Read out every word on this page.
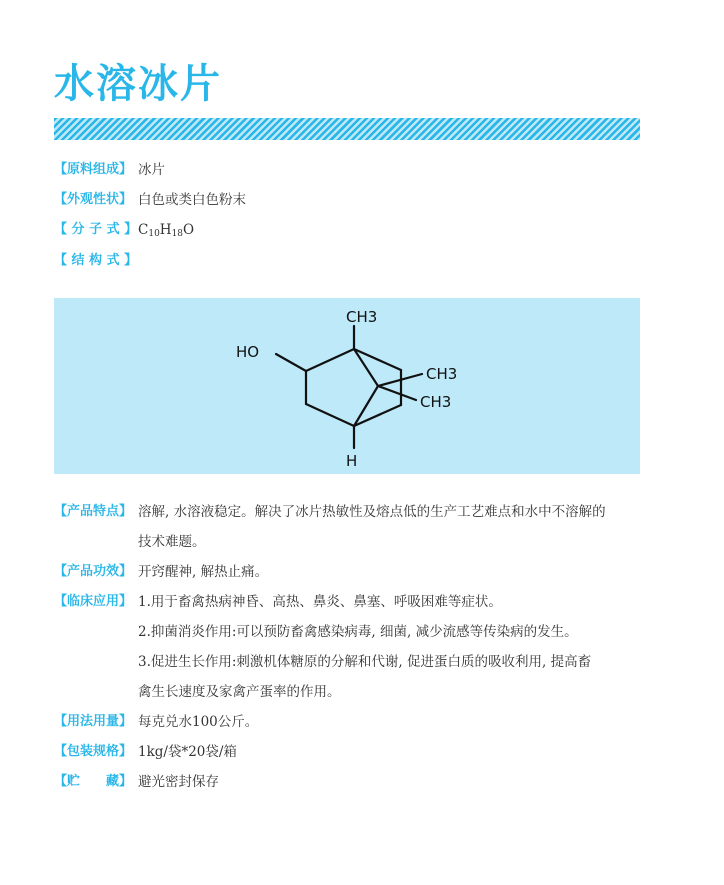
水溶冰片
【原料组成】 冰片
【外观性状】 白色或类白色粉末
【 分 子 式 】 $C_{10}H_{18}O$
【 结 构 式 】
CH3
HO
CH3
CH3
H
【产品特点】 溶解, 水溶液稳定。解决了冰片热敏性及熔点低的生产工艺难点和水中不溶解的
技术难题。
【产品功效】 开窍醒神, 解热止痛。
【临床应用】 1.用于畜禽热病神昏、高热、鼻炎、鼻塞、呼吸困难等症状。
2.抑菌消炎作用:可以预防畜禽感染病毒, 细菌, 减少流感等传染病的发生。
3.促进生长作用:刺激机体糖原的分解和代谢, 促进蛋白质的吸收利用, 提高畜
禽生长速度及家禽产蛋率的作用。
【用法用量】 每克兑水100公斤。
【包装规格】 1kg/袋*20袋/箱
【贮　　藏】 避光密封保存
